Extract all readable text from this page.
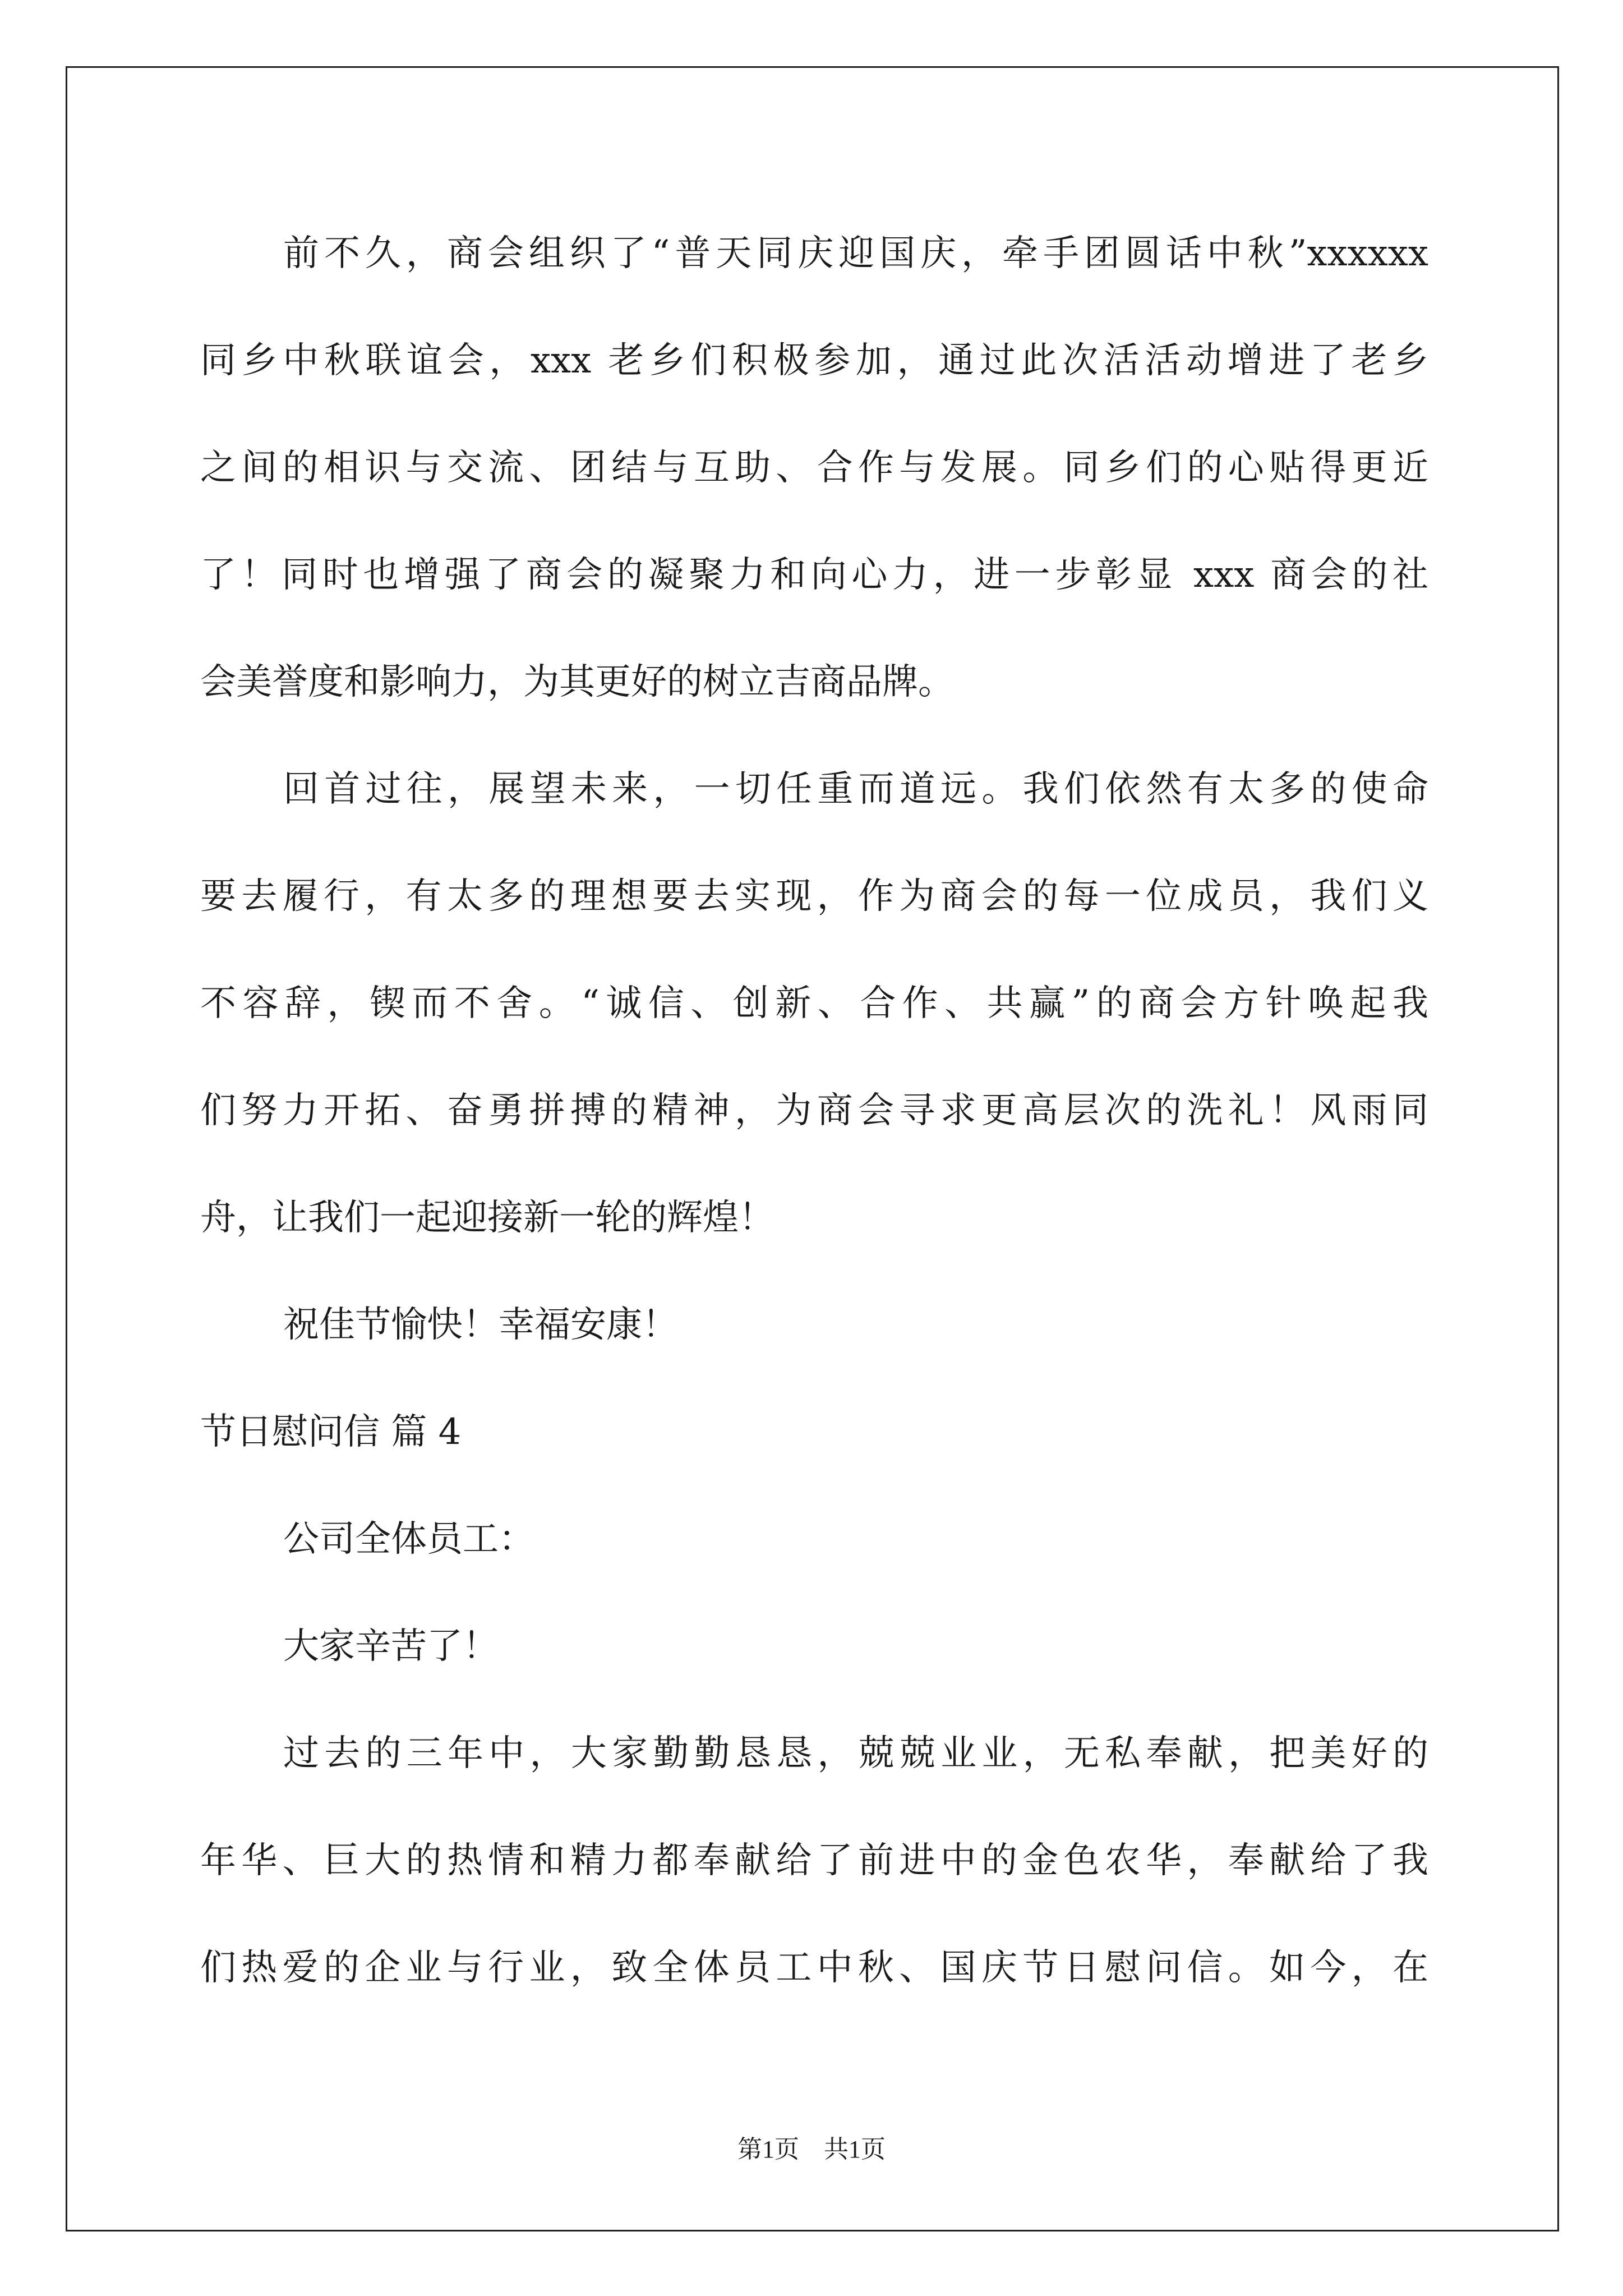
前不久，商会组织了“普天同庆迎国庆，牵手团圆话中秋”xxxxxx
同乡中秋联谊会，xxx 老乡们积极参加，通过此次活活动增进了老乡
之间的相识与交流、团结与互助、合作与发展。同乡们的心贴得更近
了！同时也增强了商会的凝聚力和向心力，进一步彰显 xxx 商会的社
会美誉度和影响力，为其更好的树立吉商品牌。
回首过往，展望未来，一切任重而道远。我们依然有太多的使命
要去履行，有太多的理想要去实现，作为商会的每一位成员，我们义
不容辞，锲而不舍。“诚信、创新、合作、共赢”的商会方针唤起我
们努力开拓、奋勇拼搏的精神，为商会寻求更高层次的洗礼！风雨同
舟，让我们一起迎接新一轮的辉煌！
祝佳节愉快！幸福安康！
节日慰问信 篇 4
公司全体员工：
大家辛苦了！
过去的三年中，大家勤勤恳恳，兢兢业业，无私奉献，把美好的
年华、巨大的热情和精力都奉献给了前进中的金色农华，奉献给了我
们热爱的企业与行业，致全体员工中秋、国庆节日慰问信。如今，在
第1页　共1页
